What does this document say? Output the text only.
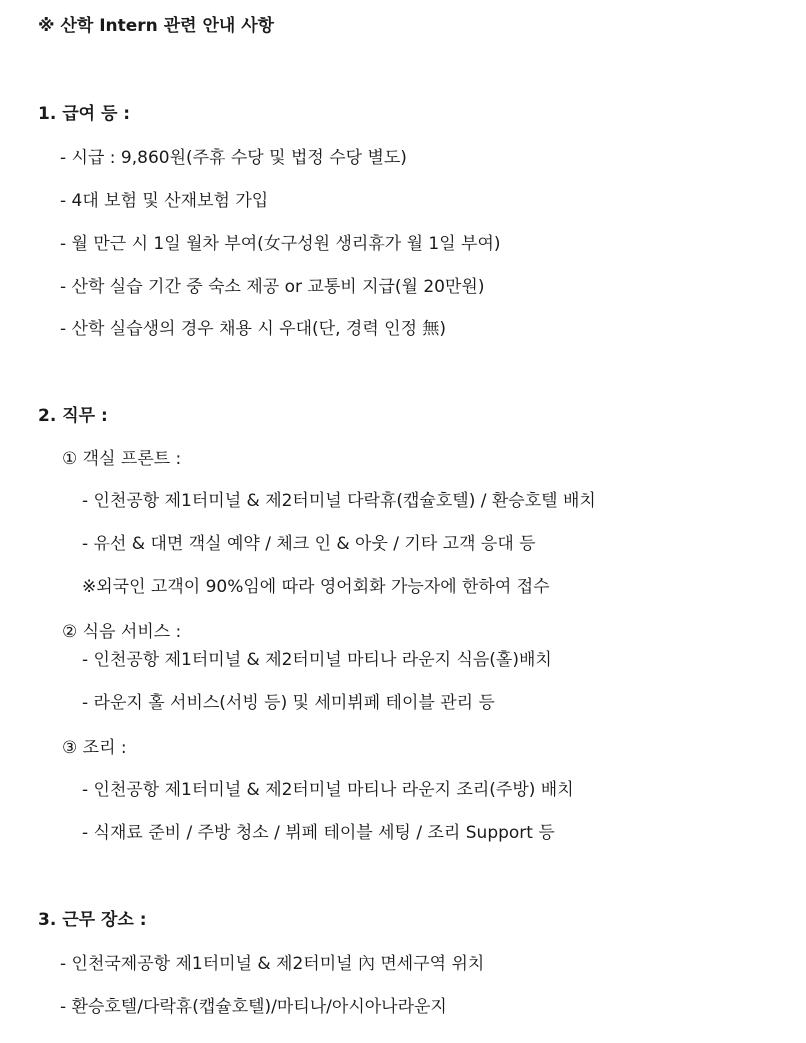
※ 산학 Intern 관련 안내 사항
1. 급여 등 :
- 시급 : 9,860원(주휴 수당 및 법정 수당 별도)
- 4대 보험 및 산재보험 가입
- 월 만근 시 1일 월차 부여(女구성원 생리휴가 월 1일 부여)
- 산학 실습 기간 중 숙소 제공 or 교통비 지급(월 20만원)
- 산학 실습생의 경우 채용 시 우대(단, 경력 인정 無)
2. 직무 :
① 객실 프론트 :
- 인천공항 제1터미널 & 제2터미널 다락휴(캡슐호텔) / 환승호텔 배치
- 유선 & 대면 객실 예약 / 체크 인 & 아웃 / 기타 고객 응대 등
※외국인 고객이 90%임에 따라 영어회화 가능자에 한하여 접수
② 식음 서비스 :
- 인천공항 제1터미널 & 제2터미널 마티나 라운지 식음(홀)배치
- 라운지 홀 서비스(서빙 등) 및 세미뷔페 테이블 관리 등
③ 조리 :
- 인천공항 제1터미널 & 제2터미널 마티나 라운지 조리(주방) 배치
- 식재료 준비 / 주방 청소 / 뷔페 테이블 세팅 / 조리 Support 등
3. 근무 장소 :
- 인천국제공항 제1터미널 & 제2터미널 內 면세구역 위치
- 환승호텔/다락휴(캡슐호텔)/마티나/아시아나라운지
